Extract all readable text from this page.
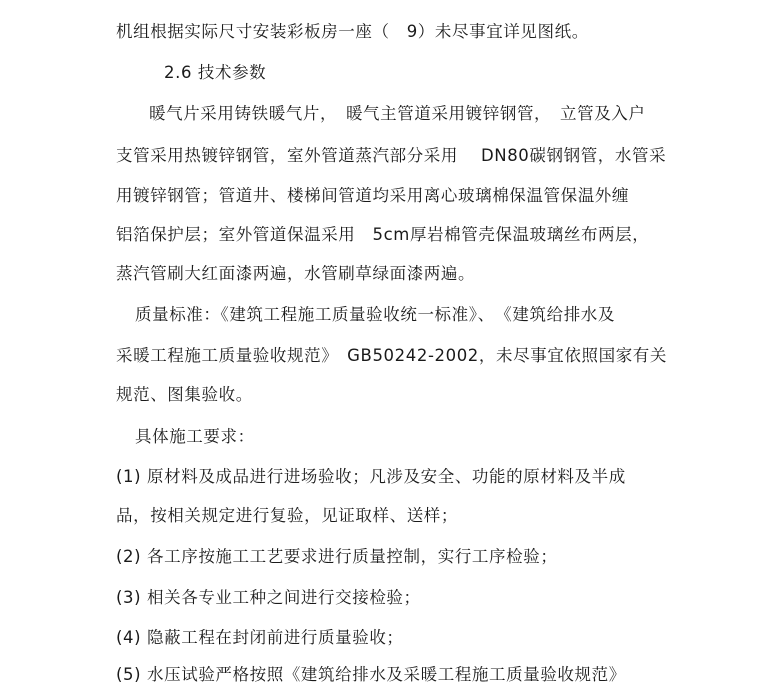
机组根据实际尺寸安装彩板房一座（　9）未尽事宜详见图纸。
2.6 技术参数
暖气片采用铸铁暖气片，　暖气主管道采用镀锌钢管，　立管及入户
支管采用热镀锌钢管，室外管道蒸汽部分采用　 DN80碳钢钢管，水管采
用镀锌钢管；管道井、楼梯间管道均采用离心玻璃棉保温管保温外缠
铝箔保护层；室外管道保温采用　5cm厚岩棉管壳保温玻璃丝布两层，
蒸汽管刷大红面漆两遍，水管刷草绿面漆两遍。
质量标准：《建筑工程施工质量验收统一标准》、　《建筑给排水及
采暖工程施工质量验收规范》　GB50242-2002，未尽事宜依照国家有关
规范、图集验收。
具体施工要求：
(1) 原材料及成品进行进场验收；凡涉及安全、功能的原材料及半成
品，按相关规定进行复验，见证取样、送样；
(2) 各工序按施工工艺要求进行质量控制，实行工序检验；
(3) 相关各专业工种之间进行交接检验；
(4) 隐蔽工程在封闭前进行质量验收；
(5) 水压试验严格按照《建筑给排水及采暖工程施工质量验收规范》
